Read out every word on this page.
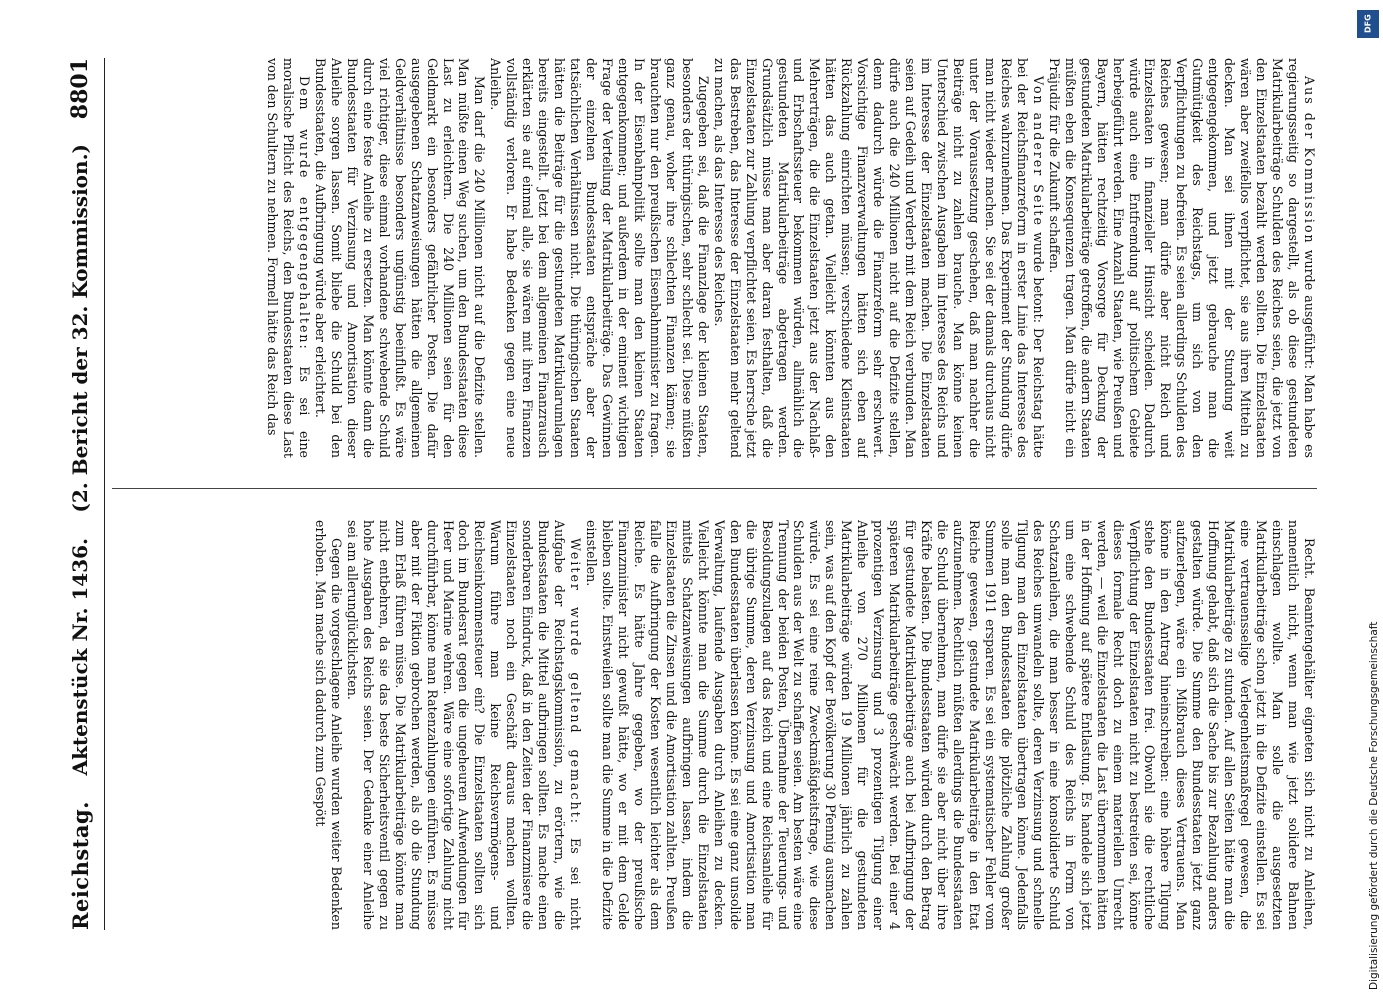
Aus der Kommission wurde ausgeführt: Man habe es regierungsseitig so dargestellt, als ob diese gestundeten Matrikularbeiträge Schulden des Reiches seien, die jetzt von den Einzelstaaten bezahlt werden sollten. Die Einzelstaaten wären aber zweifellos verpflichtet, sie aus ihren Mitteln zu decken. Man sei ihnen mit der Stundung weit entgegengekommen, und jetzt gebrauche man die Gutmütigkeit des Reichstags, um sich von den Verpflichtungen zu befreien. Es seien allerdings Schulden des Reiches gewesen; man dürfe aber nicht Reich und Einzelstaaten in finanzieller Hinsicht scheiden. Dadurch würde auch eine Entfremdung auf politischem Gebiete herbeigeführt werden. Eine Anzahl Staaten, wie Preußen und Bayern, hätten rechtzeitig Vorsorge für Deckung der gestundeten Matrikularbeiträge getroffen, die andern Staaten müßten eben die Konsequenzen tragen. Man dürfe nicht ein Präjudiz für die Zukunft schaffen.

Von anderer Seite wurde betont: Der Reichstag hätte bei der Reichsfinanzreform in erster Linie das Interesse des Reiches wahrzunehmen. Das Experiment der Stundung dürfe man nicht wieder machen. Sie sei der damals durchaus nicht unter der Voraussetzung geschehen, daß man nachher die Beiträge nicht zu zahlen brauche. Man könne keinen Unterschied zwischen Ausgaben im Interesse des Reichs und im Interesse der Einzelstaaten machen. Die Einzelstaaten seien auf Gedeih und Verderb mit dem Reich verbunden. Man dürfe auch die 240 Millionen nicht auf die Defizite stellen, denn dadurch würde die Finanzreform sehr erschwert. Vorsichtige Finanzverwaltungen hätten sich eben auf Rückzahlung einrichten müssen; verschiedene Kleinstaaten hätten das auch getan. Vielleicht könnten aus den Mehrerträgen, die die Einzelstaaten jetzt aus der Nachlaß- und Erbschaftssteuer bekommen würden, allmählich die gestundeten Matrikularbeiträge abgetragen werden. Grundsätzlich müsse man aber daran festhalten, daß die Einzelstaaten zur Zahlung verpflichtet seien. Es herrsche jetzt das Bestreben, das Interesse der Einzelstaaten mehr geltend zu machen, als das Interesse des Reiches.

Zugegeben sei, daß die Finanzlage der kleinen Staaten, besonders der thüringischen, sehr schlecht sei. Diese müßten ganz genau, woher ihre schlechten Finanzen kämen; sie brauchten nur den preußischen Eisenbahnminister zu fragen. In der Eisenbahnpolitik sollte man den kleinen Staaten entgegenkommen; und außerdem in der eminent wichtigen Frage der Verteilung der Matrikularbeiträge. Das Gewinnen der einzelnen Bundesstaaten entspräche aber der tatsächlichen Verhältnissen nicht. Die thüringischen Staaten hätten die Beiträge für die gestundeten Matrikularumlagen bereits eingestellt. Jetzt bei dem allgemeinen Finanzrausch erklärten sie auf einmal alle, sie wären mit ihren Finanzen vollständig verloren. Er habe Bedenken gegen eine neue Anleihe.

Man darf die 240 Millionen nicht auf die Defizite stellen. Man müßte einen Weg suchen, um den Bundesstaaten diese Last zu erleichtern. Die 240 Millionen seien für den Geldmarkt ein besonders gefährlicher Posten. Die dafür ausgegebenen Schatzanweisungen hätten die allgemeinen Geldverhältnisse besonders ungünstig beeinflußt. Es wäre viel richtiger, diese einmal vorhandene schwebende Schuld durch eine feste Anleihe zu ersetzen. Man könnte dann die Bundesstaaten für Verzinsung und Amortisation dieser Anleihe sorgen lassen. Somit bliebe die Schuld bei den Bundesstaaten, die Aufbringung würde aber erleichtert.

Dem wurde entgegengehalten: Es sei eine moralische Pflicht des Reichs, den Bundesstaaten diese Last von den Schultern zu nehmen. Formell hätte das Reich das

Recht. Beamtengehälter eigneten sich nicht zu Anleihen, namentlich nicht, wenn man wie jetzt solidere Bahnen einschlagen wollte. Man solle die ausgesetzten Matrikularbeiträge schon jetzt in die Defizite einstellen. Es sei eine vertrauensselige Verlegenheitsmaßregel gewesen, die Matrikularbeiträge zu stunden. Auf allen Seiten hätte man die Hoffnung gehabt, daß sich die Sache bis zur Bezahlung anders gestalten würde. Die Summe den Bundesstaaten jetzt ganz aufzuerlegen, wäre ein Mißbrauch dieses Vertrauens. Man könne in den Antrag hineinschreiben: eine höhere Tilgung stehe den Bundesstaaten frei. Obwohl sie die rechtliche Verpflichtung der Einzelstaaten nicht zu bestreiten sei, könne dieses formale Recht doch zu einem materiellen Unrecht werden, — weil die Einzelstaaten die Last übernommen hätten in der Hoffnung auf spätere Entlastung. Es handele sich jetzt um eine schwebende Schuld des Reichs in Form von Schatzanleihen, die man besser in eine konsolidierte Schuld des Reiches umwandeln sollte, deren Verzinsung und schnelle Tilgung man den Einzelstaaten übertragen könne. Jedenfalls solle man den Bundesstaaten die plötzliche Zahlung großer Summen 1911 ersparen. Es sei ein systematischer Fehler vom Reiche gewesen, gestundete Matrikularbeiträge in den Etat aufzunehmen. Rechtlich müßten allerdings die Bundesstaaten die Schuld übernehmen, man dürfe sie aber nicht über ihre Kräfte belasten. Die Bundesstaaten würden durch den Betrag für gestundete Matrikularbeiträge auch bei Aufbringung der späteren Matrikularbeiträge geschwächt werden. Bei einer 4 prozentigen Verzinsung und 3 prozentigen Tilgung einer Anleihe von 270 Millionen für die gestundeten Matrikularbeiträge würden 19 Millionen jährlich zu zahlen sein, was auf den Kopf der Bevölkerung 30 Pfennig ausmachen würde. Es sei eine reine Zweckmäßigkeitsfrage, wie diese Schulden aus der Welt zu schaffen seien. Am besten wäre eine Trennung der beiden Posten, Übernahme der Teuerungs- und Besoldungszulagen auf das Reich und eine Reichsanleihe für die übrige Summe, deren Verzinsung und Amortisation man den Bundesstaaten überlassen könne. Es sei eine ganz unsolide Verwaltung, laufende Ausgaben durch Anleihen zu decken. Vielleicht könnte man die Summe durch die Einzelstaaten mittels Schatzanweisungen aufbringen lassen, indem die Einzelstaaten die Zinsen und die Amortisation zahlten. Preußen falle die Aufbringung der Kosten wesentlich leichter als dem Reiche. Es hätte Jahre gegeben, wo der preußische Finanzminister nicht gewußt hätte, wo er mit dem Gelde bleiben sollte. Einstweilen sollte man die Summe in die Defizite einstellen.

Weiter wurde geltend gemacht: Es sei nicht Aufgabe der Reichstagskommission, zu erörtern, wie die Bundesstaaten die Mittel aufbringen sollten. Es mache einen sonderbaren Eindruck, daß in den Zeiten der Finanzmisere die Einzelstaaten noch ein Geschäft daraus machen wollten. Warum führe man keine Reichsvermögens- und Reichseinkommensteuer ein? Die Einzelstaaten sollten sich doch im Bundesrat gegen die ungeheuren Aufwendungen für Heer und Marine wehren. Wäre eine sofortige Zahlung nicht durchführbar, könne man Ratenzahlungen einführen. Es müsse aber mit der Fiktion gebrochen werden, als ob die Stundung zum Erlaß führen müsse. Die Matrikularbeiträge könnte man nicht entbehren, da sie das beste Sicherheitsventil gegen zu hohe Ausgaben des Reichs seien. Der Gedanke einer Anleihe sei am allerunglücklichsten.

Gegen die vorgeschlagene Anleihe wurden weiter Bedenken erhoben. Man mache sich dadurch zum Gespött

Reichstag.
Aktenstück Nr. 1436.
(2. Bericht der 32. Kommission.)
8801
DFG
Digitalisierung gefördert durch die Deutsche Forschungsgemeinschaft
